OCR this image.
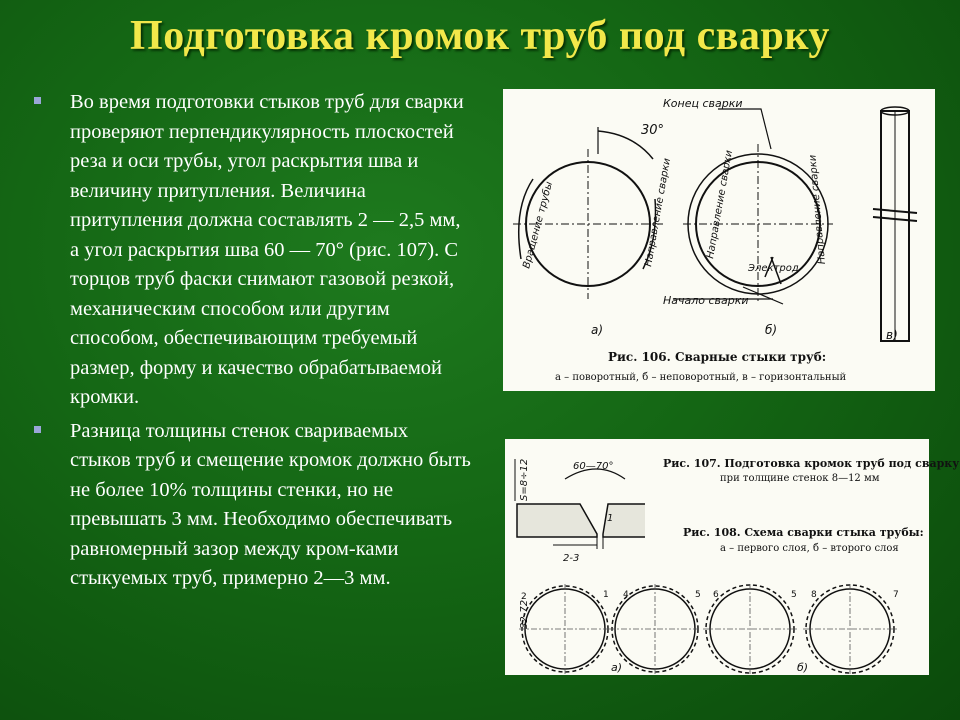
Подготовка кромок труб под сварку
Во время подготовки стыков труб для сварки проверяют перпендикулярность плоскостей реза и оси трубы, угол раскрытия шва и величину притупления. Величина притупления должна составлять 2 — 2,5 мм, а угол раскрытия шва 60 — 70° (рис. 107). С торцов труб фаски снимают газовой резкой, механическим способом или другим способом, обеспечивающим требуемый размер, форму и качество обрабатываемой кромки.
Разница толщины стенок свариваемых стыков труб и смещение кромок должно быть не более 10% толщины стенки, но не превышать 3 мм. Необходимо обеспечивать равномерный зазор между кром-ками стыкуемых труб, примерно 2—3 мм.
30°
Конец сварки
Начало сварки
Электрод
Вращение трубы	Направление сварки	Направление сварки	Направление сварки
а)	б)	в)
Рис. 106. Сварные стыки труб:
а – поворотный, б – неповоротный, в – горизонтальный
60—70°
S=8÷12
2-3
1
32-72
Рис. 107. Подготовка кромок труб под сварку
при толщине стенок 8—12 мм
Рис. 108. Схема сварки стыка трубы:
а – первого слоя, б – второго слоя
а)	б)
2	1 4	5 6	5 8	7
